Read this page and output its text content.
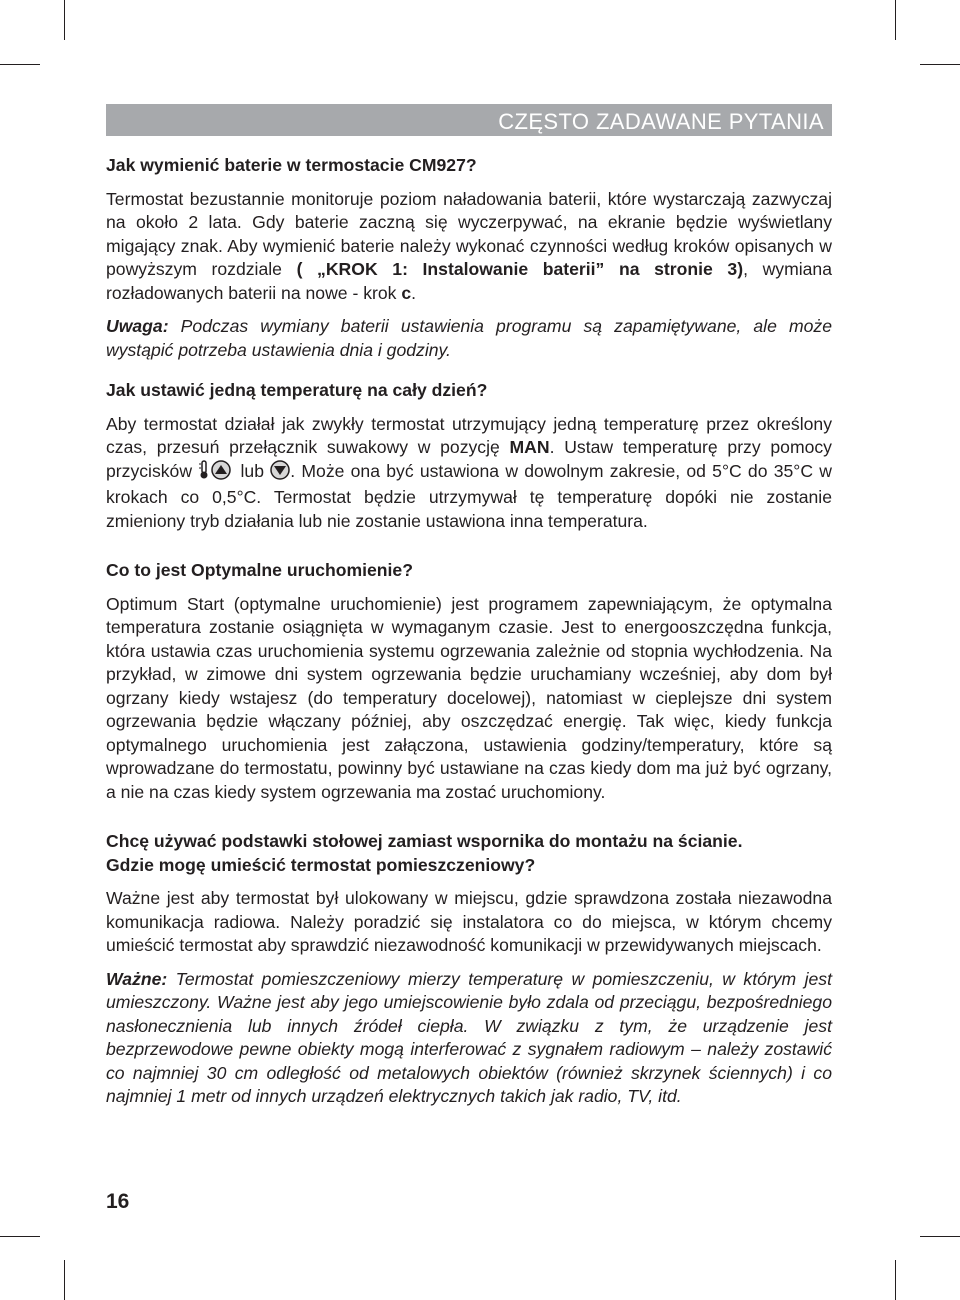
CZĘSTO ZADAWANE PYTANIA
Jak wymienić baterie w termostacie CM927?

Termostat bezustannie monitoruje poziom naładowania baterii, które wystarczają zazwyczaj na około 2 lata. Gdy baterie zaczną się wyczerpywać, na ekranie będzie wyświetlany migający znak. Aby wymienić baterie należy wykonać czynności według kroków opisanych w powyższym rozdziale ( „KROK 1: Instalowanie baterii” na stronie 3), wymiana rozładowanych baterii na nowe - krok c.

Uwaga: Podczas wymiany baterii ustawienia programu są zapamiętywane, ale może wystąpić potrzeba ustawienia dnia i godziny.

Jak ustawić jedną temperaturę na cały dzień?

Aby termostat działał jak zwykły termostat utrzymujący jedną temperaturę przez określony czas, przesuń przełącznik suwakowy w pozycję MAN. Ustaw temperaturę przy pomocy przycisków  lub . Może ona być ustawiona w dowolnym zakresie, od 5°C do 35°C w krokach co 0,5°C. Termostat będzie utrzymywał tę temperaturę dopóki nie zostanie zmieniony tryb działania lub nie zostanie ustawiona inna temperatura.

Co to jest Optymalne uruchomienie?

Optimum Start (optymalne uruchomienie) jest programem zapewniającym, że optymalna temperatura zostanie osiągnięta w wymaganym czasie. Jest to energooszczędna funkcja, która ustawia czas uruchomienia systemu ogrzewania zależnie od stopnia wychłodzenia. Na przykład, w zimowe dni system ogrzewania będzie uruchamiany wcześniej, aby dom był ogrzany kiedy wstajesz (do temperatury docelowej), natomiast w cieplejsze dni system ogrzewania będzie włączany później, aby oszczędzać energię. Tak więc, kiedy funkcja optymalnego uruchomienia jest załączona, ustawienia godziny/temperatury, które są wprowadzane do termostatu, powinny być ustawiane na czas kiedy dom ma już być ogrzany, a nie na czas kiedy system ogrzewania ma zostać uruchomiony.

Chcę używać podstawki stołowej zamiast wspornika do montażu na ścianie.
Gdzie mogę umieścić termostat pomieszczeniowy?

Ważne jest aby termostat był ulokowany w miejscu, gdzie sprawdzona została niezawodna komunikacja radiowa. Należy poradzić się instalatora co do miejsca, w którym chcemy umieścić termostat aby sprawdzić niezawodność komunikacji w przewidywanych miejscach.

Ważne: Termostat pomieszczeniowy mierzy temperaturę w pomieszczeniu, w którym jest umieszczony. Ważne jest aby jego umiejscowienie było zdala od przeciągu, bezpośredniego nasłonecznienia lub innych źródeł ciepła. W związku z tym, że urządzenie jest bezprzewodowe pewne obiekty mogą interferować z sygnałem radiowym – należy zostawić co najmniej 30 cm odległość od metalowych obiektów (również skrzynek ściennych) i co najmniej 1 metr od innych urządzeń elektrycznych takich jak radio, TV, itd.

16
